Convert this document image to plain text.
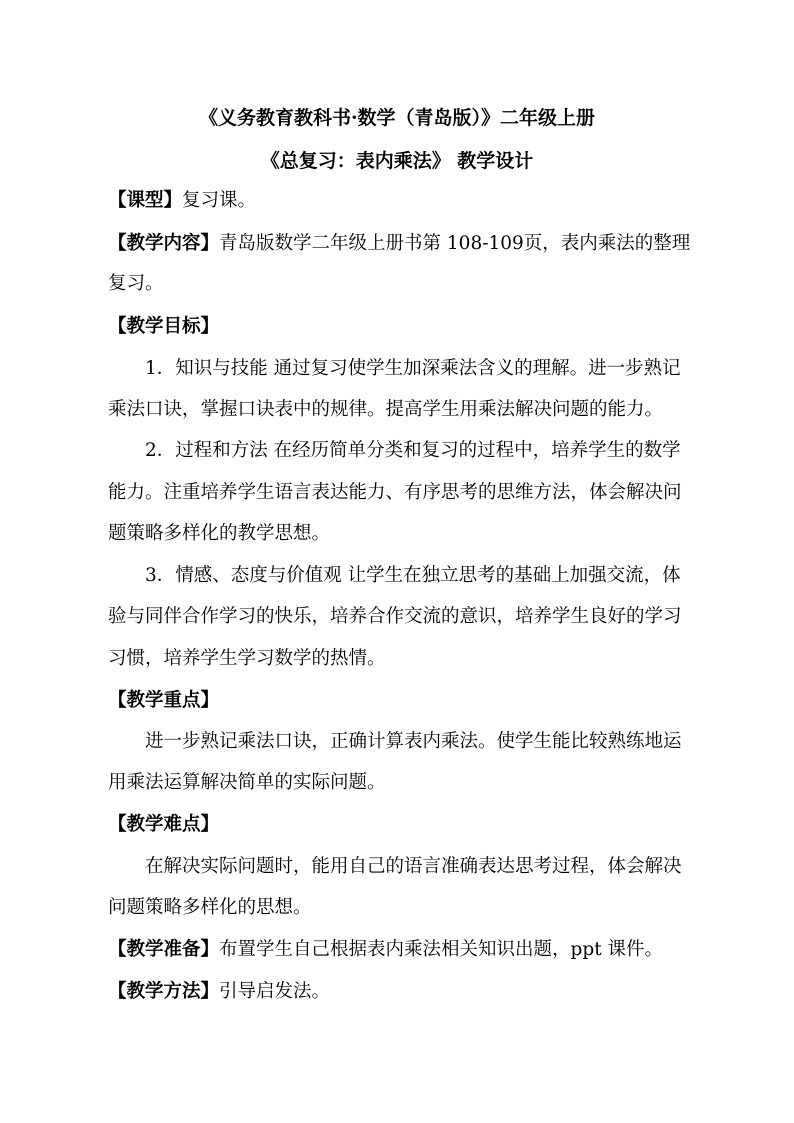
《义务教育教科书·数学（青岛版）》二年级上册
《总复习：表内乘法》 教学设计
【课型】复习课。
【教学内容】青岛版数学二年级上册书第 108-109页，表内乘法的整理
复习。
【教学目标】
1．知识与技能 通过复习使学生加深乘法含义的理解。进一步熟记
乘法口诀，掌握口诀表中的规律。提高学生用乘法解决问题的能力。
2．过程和方法 在经历简单分类和复习的过程中，培养学生的数学
能力。注重培养学生语言表达能力、有序思考的思维方法，体会解决问
题策略多样化的教学思想。
3．情感、态度与价值观 让学生在独立思考的基础上加强交流，体
验与同伴合作学习的快乐，培养合作交流的意识，培养学生良好的学习
习惯，培养学生学习数学的热情。
【教学重点】
进一步熟记乘法口诀，正确计算表内乘法。使学生能比较熟练地运
用乘法运算解决简单的实际问题。
【教学难点】
在解决实际问题时，能用自己的语言准确表达思考过程，体会解决
问题策略多样化的思想。
【教学准备】布置学生自己根据表内乘法相关知识出题，ppt 课件。
【教学方法】引导启发法。
